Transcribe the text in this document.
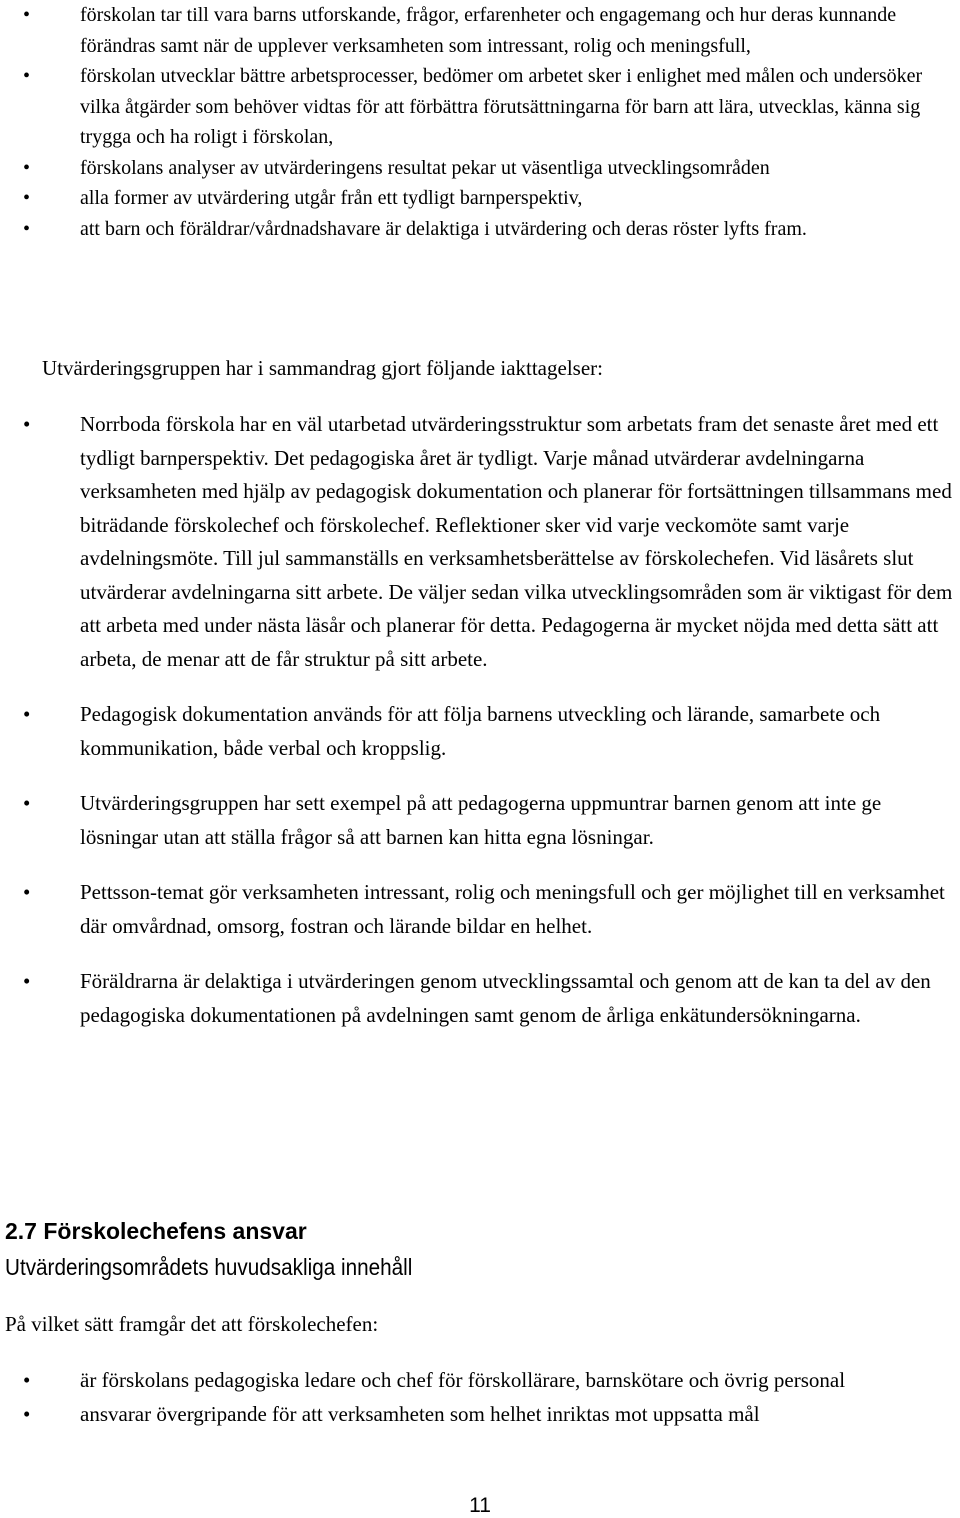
• förskolan tar till vara barns utforskande, frågor, erfarenheter och engagemang och hur deras kunnande förändras samt när de upplever verksamheten som intressant, rolig och meningsfull,
• förskolan utvecklar bättre arbetsprocesser, bedömer om arbetet sker i enlighet med målen och undersöker vilka åtgärder som behöver vidtas för att förbättra förutsättningarna för barn att lära, utvecklas, känna sig trygga och ha roligt i förskolan,
• förskolans analyser av utvärderingens resultat pekar ut väsentliga utvecklingsområden
• alla former av utvärdering utgår från ett tydligt barnperspektiv,
• att barn och föräldrar/vårdnadshavare är delaktiga i utvärdering och deras röster lyfts fram.

Utvärderingsgruppen har i sammandrag gjort följande iakttagelser:

• Norrboda förskola har en väl utarbetad utvärderingsstruktur som arbetats fram det senaste året med ett tydligt barnperspektiv. Det pedagogiska året är tydligt. Varje månad utvärderar avdelningarna verksamheten med hjälp av pedagogisk dokumentation och planerar för fortsättningen tillsammans med biträdande förskolechef och förskolechef. Reflektioner sker vid varje veckomöte samt varje avdelningsmöte. Till jul sammanställs en verksamhetsberättelse av förskolechefen. Vid läsårets slut utvärderar avdelningarna sitt arbete. De väljer sedan vilka utvecklingsområden som är viktigast för dem att arbeta med under nästa läsår och planerar för detta. Pedagogerna är mycket nöjda med detta sätt att arbeta, de menar att de får struktur på sitt arbete.
• Pedagogisk dokumentation används för att följa barnens utveckling och lärande, samarbete och kommunikation, både verbal och kroppslig.
• Utvärderingsgruppen har sett exempel på att pedagogerna uppmuntrar barnen genom att inte ge lösningar utan att ställa frågor så att barnen kan hitta egna lösningar.
• Pettsson-temat gör verksamheten intressant, rolig och meningsfull och ger möjlighet till en verksamhet där omvårdnad, omsorg, fostran och lärande bildar en helhet.
• Föräldrarna är delaktiga i utvärderingen genom utvecklingssamtal och genom att de kan ta del av den pedagogiska dokumentationen på avdelningen samt genom de årliga enkätundersökningarna.
2.7 Förskolechefens ansvar
Utvärderingsområdets huvudsakliga innehåll

På vilket sätt framgår det att förskolechefen:

• är förskolans pedagogiska ledare och chef för förskollärare, barnskötare och övrig personal
• ansvarar övergripande för att verksamheten som helhet inriktas mot uppsatta mål
11
